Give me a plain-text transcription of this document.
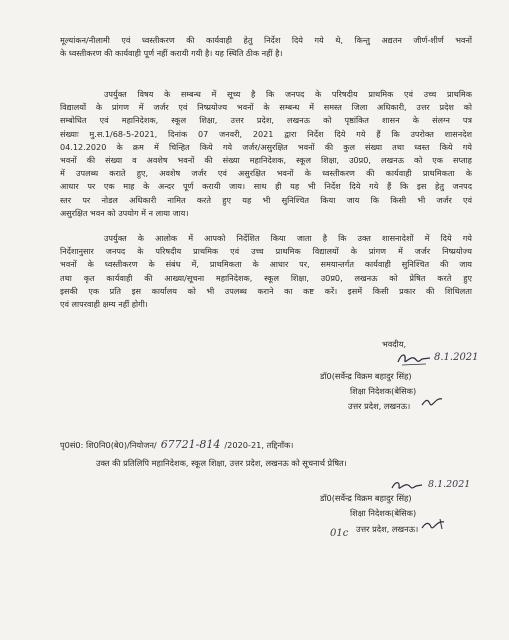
मूल्यांकन/नीलामी एवं ध्वस्तीकरण की कार्यवाही हेतु निर्देश दिये गये थे, किन्तु अद्यतन जीर्ण-शीर्ण भवनों
के ध्वस्तीकरण की कार्यवाही पूर्ण नहीं करायी गयी है। यह स्थिति ठीक नहीं है।
उपर्युक्त विषय के सम्बन्ध में सूच्य है कि जनपद के परिषदीय प्राथमिक एवं उच्च प्राथमिक
विद्यालयों के प्रांगण में जर्जर एवं निष्प्रयोज्य भवनों के सम्बन्ध में समस्त जिला अधिकारी, उत्तर प्रदेश को
सम्बोधित एवं महानिदेशक, स्कूल शिक्षा, उत्तर प्रदेश, लखनऊ को पृष्ठांकित शासन के संलग्न पत्र
संख्याः मु.स.1/68-5-2021, दिनांक 07 जनवरी, 2021 द्वारा निर्देश दिये गये हैं कि उपरोक्त शासनदेश
04.12.2020 के क्रम में चिन्हित किये गये जर्जर/असुरक्षित भवनों की कुल संख्या तथा ध्वस्त किये गये
भवनों की संख्या व अवशेष भवनों की संख्या महानिदेशक, स्कूल शिक्षा, उ0प्र0, लखनऊ को एक सप्ताह
में उपलब्ध कराते हुए, अवशेष जर्जर एवं असुरक्षित भवनों के ध्वस्तीकरण की कार्यवाही प्राथमिकता के
आधार पर एक माह के अन्दर पूर्ण करायी जाय। साथ ही यह भी निर्देश दिये गये हैं कि इस हेतु जनपद
स्तर पर नोडल अधिकारी नामित करते हुए यह भी सुनिश्चित किया जाय कि किसी भी जर्जर एवं
असुरक्षित भवन को उपयोग में न लाया जाय।
उपर्युक्त के आलोक में आपको निर्देशित किया जाता है कि उक्त शासनादेशों में दिये गये
निर्देशानुसार जनपद के परिषदीय प्राथमिक एवं उच्च प्राथमिक विद्यालयों के प्रांगण में जर्जर निष्प्रयोज्य
भवनों के ध्वस्तीकरण के संबंध में, प्राथमिकता के आधार पर, समयान्तर्गत कार्यवाही सुनिश्चित की जाय
तथा कृत कार्यवाही की आख्या/सूचना महानिदेशक, स्कूल शिक्षा, उ0प्र0, लखनऊ को प्रेषित करते हुए
इसकी एक प्रति इस कार्यालय को भी उपलब्ध कराने का कष्ट करें। इसमें किसी प्रकार की शिथिलता
एवं लापरवाही क्षम्य नहीं होगी।
भवदीय,
8.1.2021
डॉ0(सर्वेन्द्र विक्रम बहादुर सिंह)
शिक्षा निदेशक(बेसिक)
उत्तर प्रदेश, लखनऊ।
पृ0सं0: शि0नि0(बे0)/नियोजन/ 67721-814 /2020-21, तद्दिनाँक।
उक्त की प्रतिलिपि महानिदेशक, स्कूल शिक्षा, उत्तर प्रदेश, लखनऊ को सूचनार्थ प्रेषित।
8.1.2021
डॉ0(सर्वेन्द्र विक्रम बहादुर सिंह)
शिक्षा निदेशक(बेसिक)
01c उत्तर प्रदेश, लखनऊ।
